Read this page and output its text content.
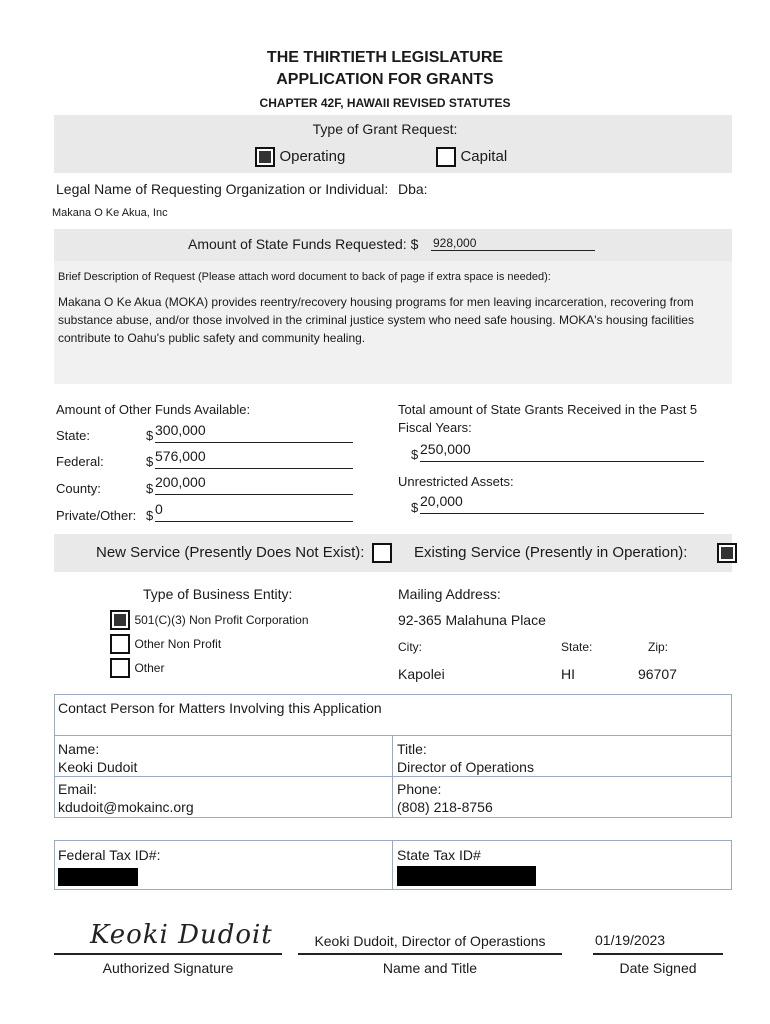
THE THIRTIETH LEGISLATURE
APPLICATION FOR GRANTS
CHAPTER 42F, HAWAII REVISED STATUTES
Type of Grant Request:
Operating	Capital
Legal Name of Requesting Organization or Individual: Dba:
Makana O Ke Akua, Inc
Amount of State Funds Requested: $ 928,000
Brief Description of Request (Please attach word document to back of page if extra space is needed):
Makana O Ke Akua (MOKA) provides reentry/recovery housing programs for men leaving incarceration, recovering from
substance abuse, and/or those involved in the criminal justice system who need safe housing. MOKA's housing facilities
contribute to Oahu's public safety and community healing.
Amount of Other Funds Available:
State:	$ 300,000
Federal:	$ 576,000
County:	$ 200,000
Private/Other: $ 0
Total amount of State Grants Received in the Past 5
Fiscal Years:
$ 250,000
Unrestricted Assets:
$ 20,000
New Service (Presently Does Not Exist):
	Existing Service (Presently in Operation):
Type of Business Entity:
501(C)(3) Non Profit Corporation
Other Non Profit
Other
Mailing Address:
92-365 Malahuna Place
City:	State:	Zip:
Kapolei	HI	96707
Contact Person for Matters Involving this Application
Name:
Keoki Dudoit
Title:
Director of Operations
Email:
kdudoit@mokainc.org
Phone:
(808) 218-8756
Federal Tax ID#:	State Tax ID#
Keoki Dudoit
Authorized Signature
Keoki Dudoit, Director of Operastions
Name and Title
01/19/2023
Date Signed
